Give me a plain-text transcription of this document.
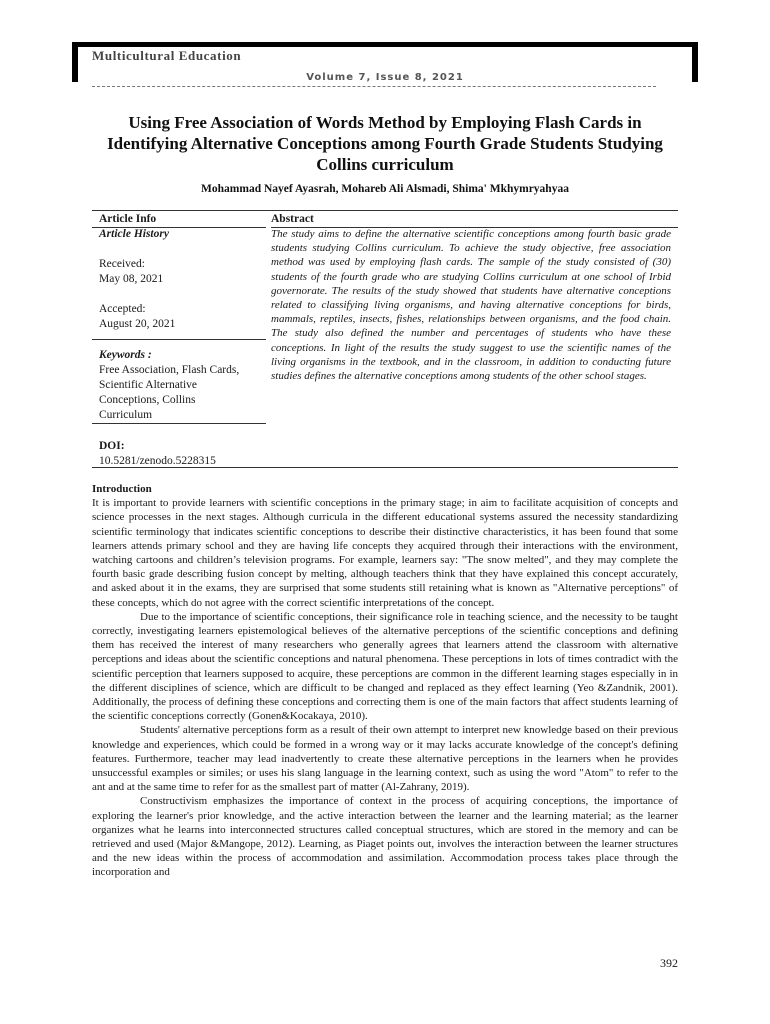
Multicultural Education
Volume 7, Issue 8, 2021
Using Free Association of Words Method by Employing Flash Cards in Identifying Alternative Conceptions among Fourth Grade Students Studying Collins curriculum
Mohammad Nayef Ayasrah, Mohareb Ali Alsmadi, Shima' Mkhymryahyaa
Article Info
Article History
Received:
May 08, 2021
Accepted:
August 20, 2021
Keywords :
Free Association, Flash Cards, Scientific Alternative Conceptions, Collins Curriculum
DOI:
10.5281/zenodo.5228315
Abstract
The study aims to define the alternative scientific conceptions among fourth basic grade students studying Collins curriculum. To achieve the study objective, free association method was used by employing flash cards. The sample of the study consisted of (30) students of the fourth grade who are studying Collins curriculum at one school of Irbid governorate. The results of the study showed that students have alternative conceptions related to classifying living organisms, and having alternative conceptions for birds, mammals, reptiles, insects, fishes, relationships between organisms, and the food chain. The study also defined the number and percentages of students who have these conceptions. In light of the results the study suggest to use the scientific names of the living organisms in the textbook, and in the classroom, in addition to conducting future studies defines the alternative conceptions among students of the other school stages.
Introduction

It is important to provide learners with scientific conceptions in the primary stage; in aim to facilitate acquisition of concepts and science processes in the next stages. Although curricula in the different educational systems assured the necessity standardizing scientific terminology that indicates scientific conceptions to describe their distinctive characteristics, it has been found that some learners attends primary school and they are having life concepts they acquired through their interactions with the environment, watching cartoons and children’s television programs. For example, learners say: "The snow melted", and they may complete the fourth basic grade describing fusion concept by melting, although teachers think that they have explained this concept accurately, and asked about it in the exams, they are surprised that some students still retaining what is known as "Alternative perceptions" of these concepts, which do not agree with the correct scientific interpretations of the concept.

Due to the importance of scientific conceptions, their significance role in teaching science, and the necessity to be taught correctly, investigating learners epistemological believes of the alternative perceptions of the scientific conceptions and defining them has received the interest of many researchers who generally agrees that learners attend the classroom with alternative perceptions and ideas about the scientific conceptions and natural phenomena. These perceptions in lots of times contradict with the scientific perception that learners supposed to acquire, these perceptions are common in the different learning stages especially in in the different disciplines of science, which are difficult to be changed and replaced as they effect learning (Yeo &Zandnik, 2001). Additionally, the process of defining these conceptions and correcting them is one of the main factors that affect students learning of the scientific conceptions correctly (Gonen&Kocakaya, 2010).

Students' alternative perceptions form as a result of their own attempt to interpret new knowledge based on their previous knowledge and experiences, which could be formed in a wrong way or it may lacks accurate knowledge of the concept's defining features. Furthermore, teacher may lead inadvertently to create these alternative perceptions in the learners when he provides unsuccessful examples or similes; or uses his slang language in the learning context, such as using the word "Atom" to refer to the ant and at the same time to refer for as the smallest part of matter (Al-Zahrany, 2019).

Constructivism emphasizes the importance of context in the process of acquiring conceptions, the importance of exploring the learner's prior knowledge, and the active interaction between the learner and the learning material; as the learner organizes what he learns into interconnected structures called conceptual structures, which are stored in the memory and can be retrieved and used (Major &Mangope, 2012). Learning, as Piaget points out, involves the interaction between the learner structures and the new ideas within the process of accommodation and assimilation. Accommodation process takes place through the incorporation and

392
